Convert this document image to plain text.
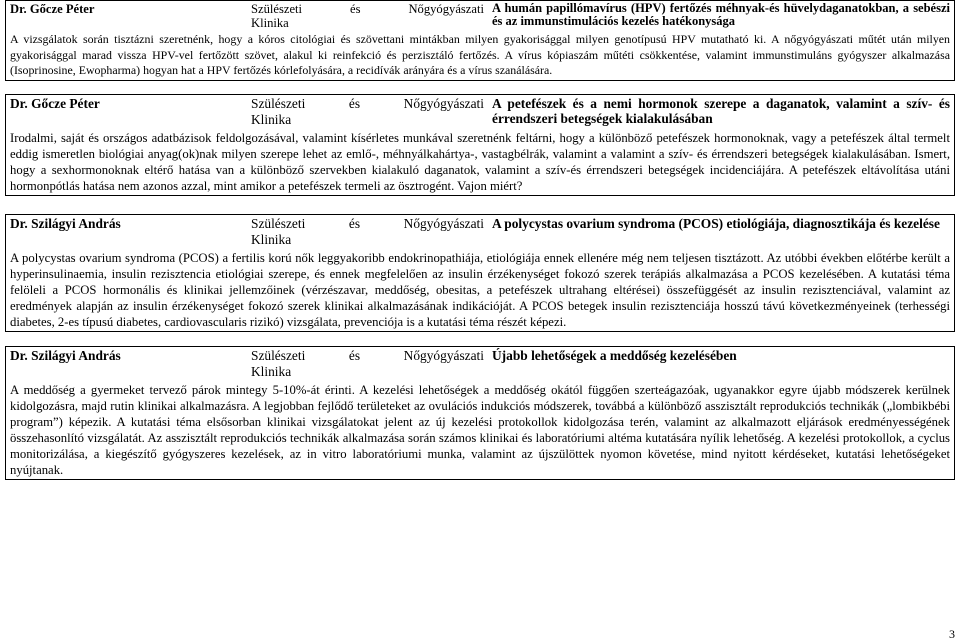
Dr. Gőcze Péter	Szülészeti	és	Nőgyógyászati
Klinika
A humán papillómavírus (HPV) fertőzés méhnyak-és hüvelydaganatokban, a sebészi és az immunstimulációs kezelés hatékonysága
A vizsgálatok során tisztázni szeretnénk, hogy a kóros citológiai és szövettani mintákban milyen gyakorisággal milyen genotípusú HPV mutatható ki. A nőgyógyászati műtét után milyen gyakorisággal marad vissza HPV-vel fertőzött szövet, alakul ki reinfekció és perzisztáló fertőzés. A vírus kópiaszám műtéti csökkentése, valamint immunstimuláns gyógyszer alkalmazása (Isoprinosine, Ewopharma) hogyan hat a HPV fertőzés kórlefolyására, a recidívák arányára és a vírus szanálására.
Dr. Gőcze Péter	Szülészeti	és	Nőgyógyászati
Klinika
A petefészek és a nemi hormonok szerepe a daganatok, valamint a szív- és érrendszeri betegségek kialakulásában
Irodalmi, saját és országos adatbázisok feldolgozásával, valamint kísérletes munkával szeretnénk feltárni, hogy a különböző petefészek hormonoknak, vagy a petefészek által termelt eddig ismeretlen biológiai anyag(ok)nak milyen szerepe lehet az emlő-, méhnyálkahártya-, vastagbélrák, valamint a valamint a szív- és érrendszeri betegségek kialakulásában. Ismert, hogy a sexhormonoknak eltérő hatása van a különböző szervekben kialakuló daganatok, valamint a szív-és érrendszeri betegségek incidenciájára. A petefészek eltávolítása utáni hormonpótlás hatása nem azonos azzal, mint amikor a petefészek termeli az ösztrogént. Vajon miért?
Dr. Szilágyi András	Szülészeti	és	Nőgyógyászati
Klinika
A polycystas ovarium syndroma (PCOS) etiológiája, diagnosztikája és kezelése
A polycystas ovarium syndroma (PCOS) a fertilis korú nők leggyakoribb endokrinopathiája, etiológiája ennek ellenére még nem teljesen tisztázott. Az utóbbi években előtérbe került a hyperinsulinaemia, insulin rezisztencia etiológiai szerepe, és ennek megfelelően az insulin érzékenységet fokozó szerek terápiás alkalmazása a PCOS kezelésében. A kutatási téma felöleli a PCOS hormonális és klinikai jellemzőinek (vérzészavar, meddőség, obesitas, a petefészek ultrahang eltérései) összefüggését az insulin rezisztenciával, valamint az eredmények alapján az insulin érzékenységet fokozó szerek klinikai alkalmazásának indikációját. A PCOS betegek insulin rezisztenciája hosszú távú következményeinek (terhességi diabetes, 2-es típusú diabetes, cardiovascularis rizikó) vizsgálata, prevenciója is a kutatási téma részét képezi.
Dr. Szilágyi András	Szülészeti	és	Nőgyógyászati
Klinika
Újabb lehetőségek a meddőség kezelésében
A meddőség a gyermeket tervező párok mintegy 5-10%-át érinti. A kezelési lehetőségek a meddőség okától függően szerteágazóak, ugyanakkor egyre újabb módszerek kerülnek kidolgozásra, majd rutin klinikai alkalmazásra. A legjobban fejlődő területeket az ovulációs indukciós módszerek, továbbá a különböző asszisztált reprodukciós technikák („lombikbébi program”) képezik. A kutatási téma elsősorban klinikai vizsgálatokat jelent az új kezelési protokollok kidolgozása terén, valamint az alkalmazott eljárások eredményességének összehasonlító vizsgálatát. Az asszisztált reprodukciós technikák alkalmazása során számos klinikai és laboratóriumi altéma kutatására nyílik lehetőség. A kezelési protokollok, a cyclus monitorizálása, a kiegészítő gyógyszeres kezelések, az in vitro laboratóriumi munka, valamint az újszülöttek nyomon követése, mind nyitott kérdéseket, kutatási lehetőségeket nyújtanak.
3
